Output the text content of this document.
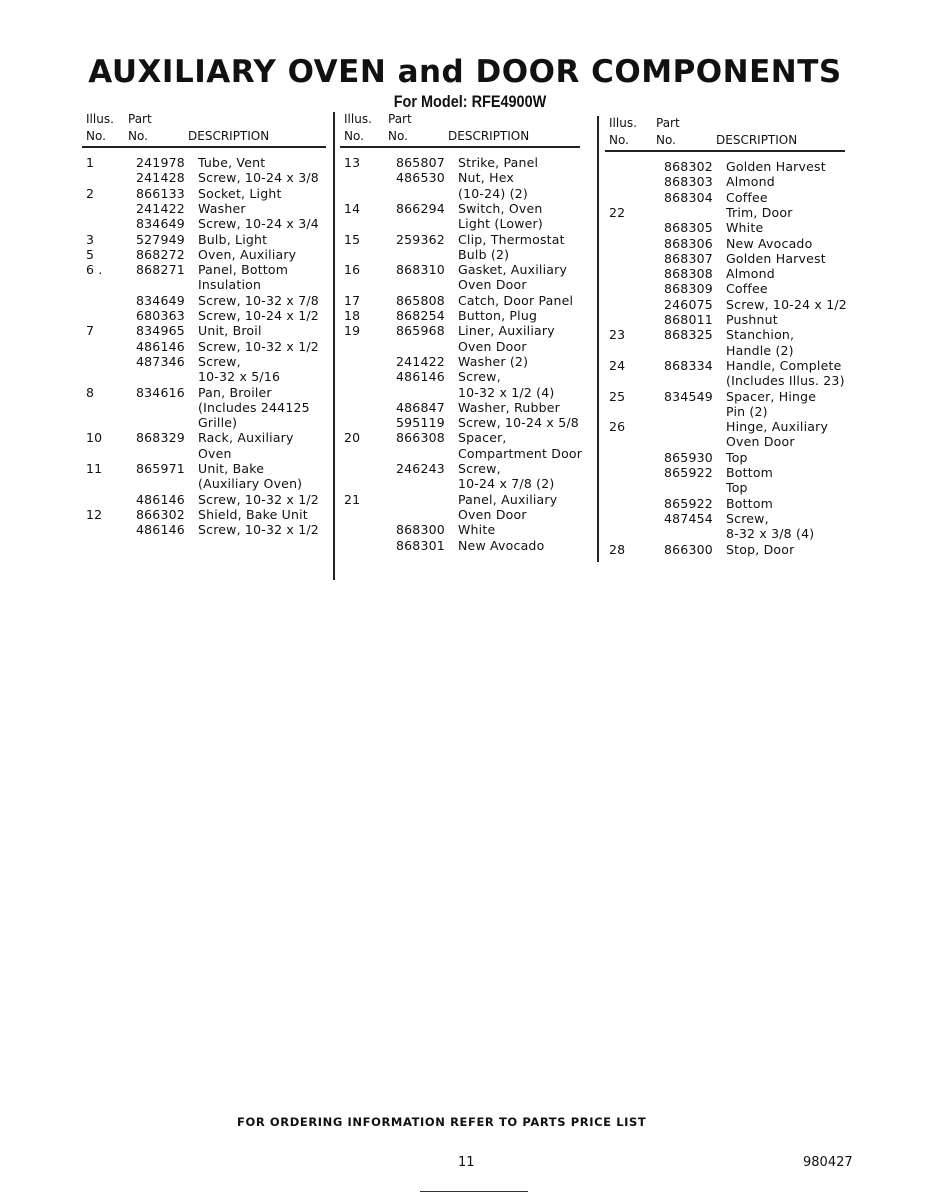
AUXILIARY OVEN and DOOR COMPONENTS
For Model: RFE4900W
Illus. Part
No. No.	DESCRIPTION
1	241978 Tube, Vent
241428 Screw, 10-24 x 3/8
2	866133 Socket, Light
241422 Washer
834649 Screw, 10-24 x 3/4
3	527949 Bulb, Light
5	868272 Oven, Auxiliary
6 .	868271 Panel, Bottom
Insulation
834649 Screw, 10-32 x 7/8
680363 Screw, 10-24 x 1/2
7	834965 Unit, Broil
486146 Screw, 10-32 x 1/2
487346 Screw,
10-32 x 5/16
8	834616 Pan, Broiler
(Includes 244125
Grille)
10	868329 Rack, Auxiliary
Oven
11	865971 Unit, Bake
(Auxiliary Oven)
486146 Screw, 10-32 x 1/2
12	866302 Shield, Bake Unit
486146 Screw, 10-32 x 1/2
Illus. Part
No. No.	DESCRIPTION
13	865807 Strike, Panel
486530 Nut, Hex
(10-24) (2)
14	866294 Switch, Oven
Light (Lower)
15	259362 Clip, Thermostat
Bulb (2)
16	868310 Gasket, Auxiliary
Oven Door
17	865808 Catch, Door Panel
18	868254 Button, Plug
19	865968 Liner, Auxiliary
Oven Door
241422 Washer (2)
486146 Screw,
10-32 x 1/2 (4)
486847 Washer, Rubber
595119 Screw, 10-24 x 5/8
20	866308 Spacer,
Compartment Door
246243 Screw,
10-24 x 7/8 (2)
21	Panel, Auxiliary
Oven Door
868300 White
868301 New Avocado
Illus. Part
No. No.	DESCRIPTION
868302 Golden Harvest
868303 Almond
868304 Coffee
22	Trim, Door
868305 White
868306 New Avocado
868307 Golden Harvest
868308 Almond
868309 Coffee
246075 Screw, 10-24 x 1/2
868011 Pushnut
23	868325 Stanchion,
Handle (2)
24	868334 Handle, Complete
(Includes Illus. 23)
25	834549 Spacer, Hinge
Pin (2)
26	Hinge, Auxiliary
Oven Door
865930 Top
865922 Bottom
Top
865922 Bottom
487454 Screw,
8-32 x 3/8 (4)
28	866300 Stop, Door
FOR ORDERING INFORMATION REFER TO PARTS PRICE LIST
11	980427
